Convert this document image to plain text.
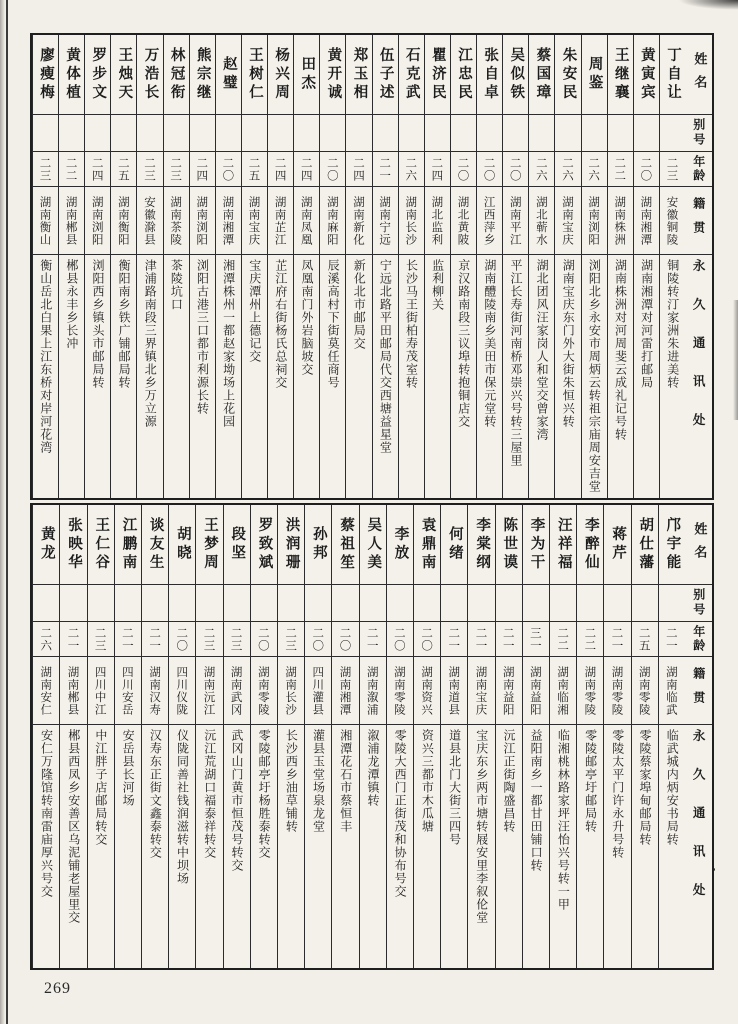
姓名
别号
年龄
籍贯
永久通讯处
丁自让
二三
安徽铜陵
铜陵转汀家洲朱进美转
黄寅宾
二〇
湖南湘潭
湖南湘潭对河雷打邮局
王继襄
二二
湖南株洲
湖南株洲对河周斐云成礼记号转
周鉴
二六
湖南浏阳
浏阳北乡永安市周炳云转祖宗庙周安吉堂
朱安民
二六
湖南宝庆
湖南宝庆东门外大街朱恒兴转
蔡国璋
二六
湖北蕲水
湖北团风汪家岗人和堂交曾家湾
吴似铁
二〇
湖南平江
平江长寿街河南桥邓崇兴号转三屋里
张自卓
二〇
江西萍乡
湖南醴陵南乡美田市保元堂转
江忠民
二〇
湖北黄陂
京汉路南段三议埠转抱铜店交
瞿济民
二四
湖北监利
监利柳关
石克武
二六
湖南长沙
长沙马王街柏寿茂室转
伍子述
二一
湖南宁远
宁远北路平田邮局代交西塘益星堂
郑玉相
二四
湖南新化
新化北市邮局交
黄开诚
二〇
湖南麻阳
辰溪高村下街莫任商号
田杰
二四
湖南凤凰
凤凰南门外岩脑坡交
杨兴周
二四
湖南芷江
芷江府右街杨氏总祠交
王树仁
二五
湖南宝庆
宝庆潭州上德记交
赵璧
二〇
湖南湘潭
湘潭株州一都赵家坳场上花园
熊宗继
二四
湖南浏阳
浏阳古港三口都市利源长转
林冠衔
二三
湖南茶陵
茶陵坑口
万浩长
二三
安徽滁县
津浦路南段三界镇北乡万立源
王烛天
二五
湖南衡阳
衡阳南乡铁广铺邮局转
罗步文
二四
湖南浏阳
浏阳西乡镇头市邮局转
黄体植
二二
湖南郴县
郴县永丰乡长冲
廖瘦梅
二三
湖南衡山
衡山岳北白果上江东桥对岸河花湾
姓名
别号
年龄
籍贯
永久通讯处
邝宇能
二一
湖南临武
临武城内炳安书局转
胡仕藩
二五
湖南零陵
零陵蔡家埠甸邮局转
蒋芹
二一
湖南零陵
零陵太平门许永升号转
李醉仙
二二
湖南零陵
零陵邮亭圩邮局转
汪祥福
二二
湖南临湘
临湘桃林路家坪汪怡兴号转一甲
李为干
三一
湖南益阳
益阳南乡一都甘田铺口转
陈世谟
二一
湖南益阳
沅江正街陶盛昌转
李棠纲
二一
湖南宝庆
宝庆东乡两市塘转屐安里李叙伦堂
何绪
二一
湖南道县
道县北门大街三四号
袁鼎南
二〇
湖南资兴
资兴三都市木瓜塘
李放
二〇
湖南零陵
零陵大西门正街茂和协布号交
吴人美
二一
湖南溆浦
溆浦龙潭镇转
蔡祖笙
二〇
湖南湘潭
湘潭花石市蔡恒丰
孙邦
二〇
四川灌县
灌县玉堂场泉龙堂
洪润珊
二三
湖南长沙
长沙西乡油草铺转
罗致斌
二〇
湖南零陵
零陵邮亭圩杨胜泰转交
段坚
二三
湖南武冈
武冈山门黄市恒茂号转交
王梦周
二三
湖南沅江
沅江荒湖口福泰祥转交
胡晓
二〇
四川仪陇
仪陇同善社钱润滋转中坝场
谈友生
二一
湖南汉寿
汉寿东正街文鑫泰转交
江鹏南
二一
四川安岳
安岳县长河场
王仁谷
二三
四川中江
中江胖子店邮局转交
张映华
二一
湖南郴县
郴县西凤乡安善区乌泥铺老屋里交
黄龙
二六
湖南安仁
安仁万隆馆转南雷庙厚兴号交
269
